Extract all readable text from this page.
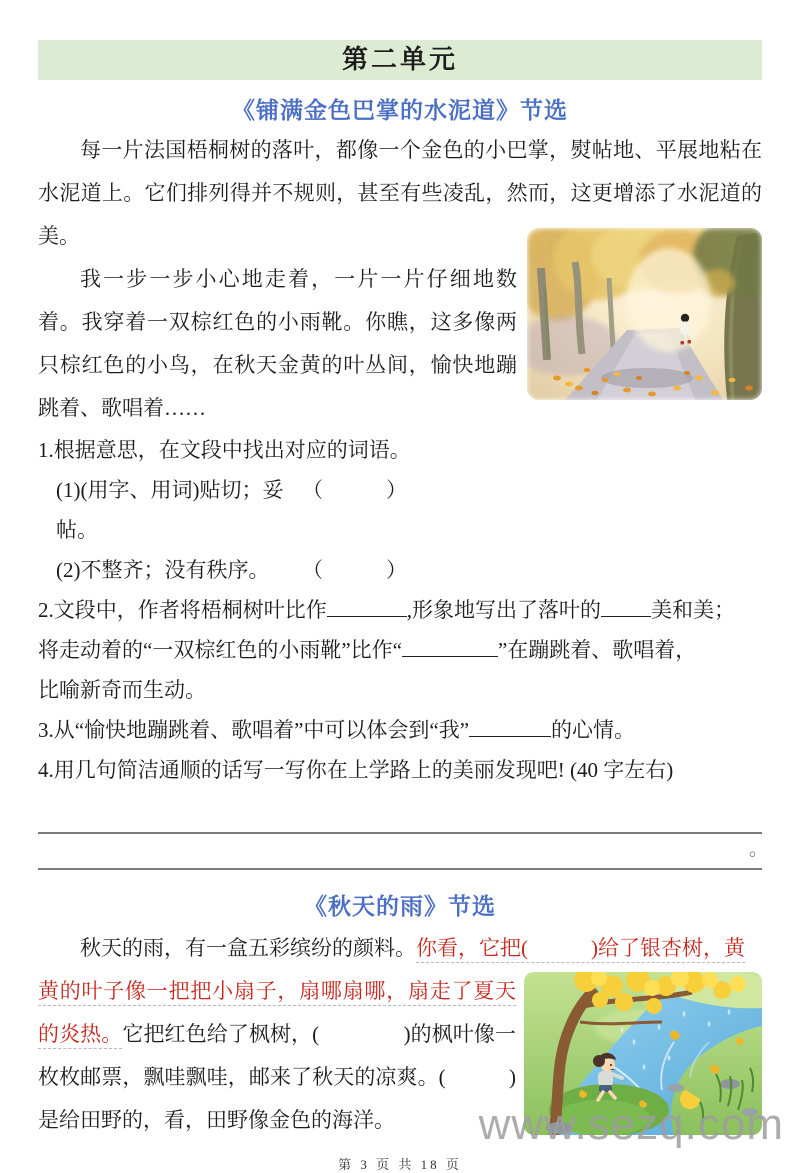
第二单元
《铺满金色巴掌的水泥道》节选

每一片法国梧桐树的落叶，都像一个金色的小巴掌，熨帖地、平展地粘在水泥道上。它们排列得并不规则，甚至有些凌乱，然而，这更增添了水泥道的美。

我一步一步小心地走着，一片一片仔细地数着。我穿着一双棕红色的小雨靴。你瞧，这多像两只棕红色的小鸟，在秋天金黄的叶丛间，愉快地蹦跳着、歌唱着……

1.根据意思，在文段中找出对应的词语。
(1)(用字、用词)贴切；妥帖。
（　　　）
(2)不整齐；没有秩序。	（　　　）
2.文段中，作者将梧桐树叶比作	,形象地写出了落叶的 美和美；
将走动着的“一双棕红色的小雨靴”比作“	”在蹦跳着、歌唱着，
比喻新奇而生动。
3.从“愉快地蹦跳着、歌唱着”中可以体会到“我”	的心情。
4.用几句简洁通顺的话写一写你在上学路上的美丽发现吧! (40 字左右)
。
《秋天的雨》节选
秋天的雨，有一盒五彩缤纷的颜料。你看，它把(　　　)给了银杏树，黄
黄的叶子像一把把小扇子，扇哪扇哪，扇走了夏天的炎热。它把红色给了枫树，(　　　　)的枫叶像一枚枚邮票，飘哇飘哇，邮来了秋天的凉爽。(　　　)是给田野的，看，田野像金色的海洋。
第 3 页 共 18 页
www.sezq.com
